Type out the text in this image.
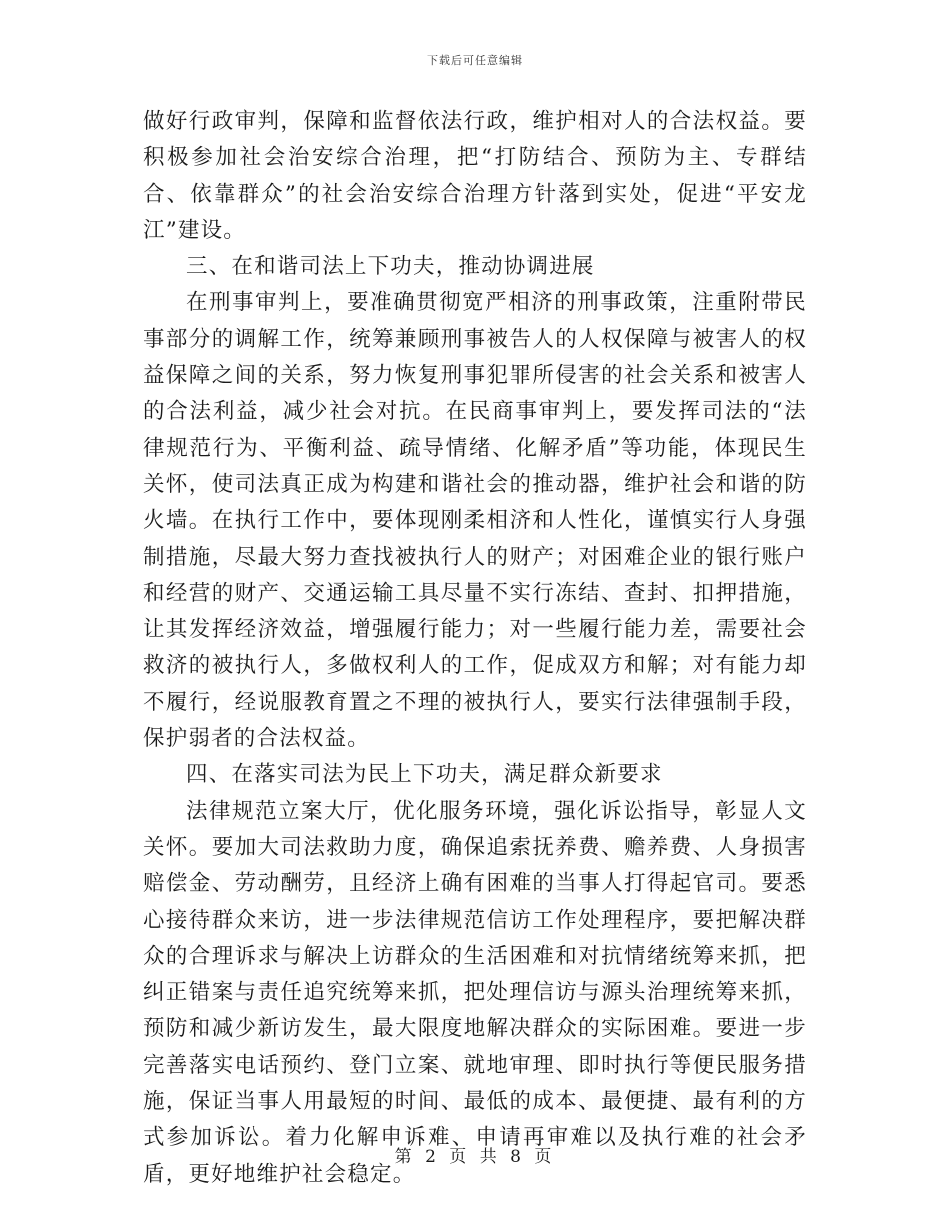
下载后可任意编辑

做好行政审判，保障和监督依法行政，维护相对人的合法权益。要积极参加社会治安综合治理，把“打防结合、预防为主、专群结合、依靠群众”的社会治安综合治理方针落到实处，促进“平安龙江”建设。

三、在和谐司法上下功夫，推动协调进展

在刑事审判上，要准确贯彻宽严相济的刑事政策，注重附带民事部分的调解工作，统筹兼顾刑事被告人的人权保障与被害人的权益保障之间的关系，努力恢复刑事犯罪所侵害的社会关系和被害人的合法利益，减少社会对抗。在民商事审判上，要发挥司法的“法律规范行为、平衡利益、疏导情绪、化解矛盾”等功能，体现民生关怀，使司法真正成为构建和谐社会的推动器，维护社会和谐的防火墙。在执行工作中，要体现刚柔相济和人性化，谨慎实行人身强制措施，尽最大努力查找被执行人的财产；对困难企业的银行账户和经营的财产、交通运输工具尽量不实行冻结、查封、扣押措施，让其发挥经济效益，增强履行能力；对一些履行能力差，需要社会救济的被执行人，多做权利人的工作，促成双方和解；对有能力却不履行，经说服教育置之不理的被执行人，要实行法律强制手段，保护弱者的合法权益。

四、在落实司法为民上下功夫，满足群众新要求

法律规范立案大厅，优化服务环境，强化诉讼指导，彰显人文关怀。要加大司法救助力度，确保追索抚养费、赡养费、人身损害赔偿金、劳动酬劳，且经济上确有困难的当事人打得起官司。要悉心接待群众来访，进一步法律规范信访工作处理程序，要把解决群众的合理诉求与解决上访群众的生活困难和对抗情绪统筹来抓，把纠正错案与责任追究统筹来抓，把处理信访与源头治理统筹来抓，预防和减少新访发生，最大限度地解决群众的实际困难。要进一步完善落实电话预约、登门立案、就地审理、即时执行等便民服务措施，保证当事人用最短的时间、最低的成本、最便捷、最有利的方式参加诉讼。着力化解申诉难、申请再审难以及执行难的社会矛盾，更好地维护社会稳定。

第 2 页 共 8 页
